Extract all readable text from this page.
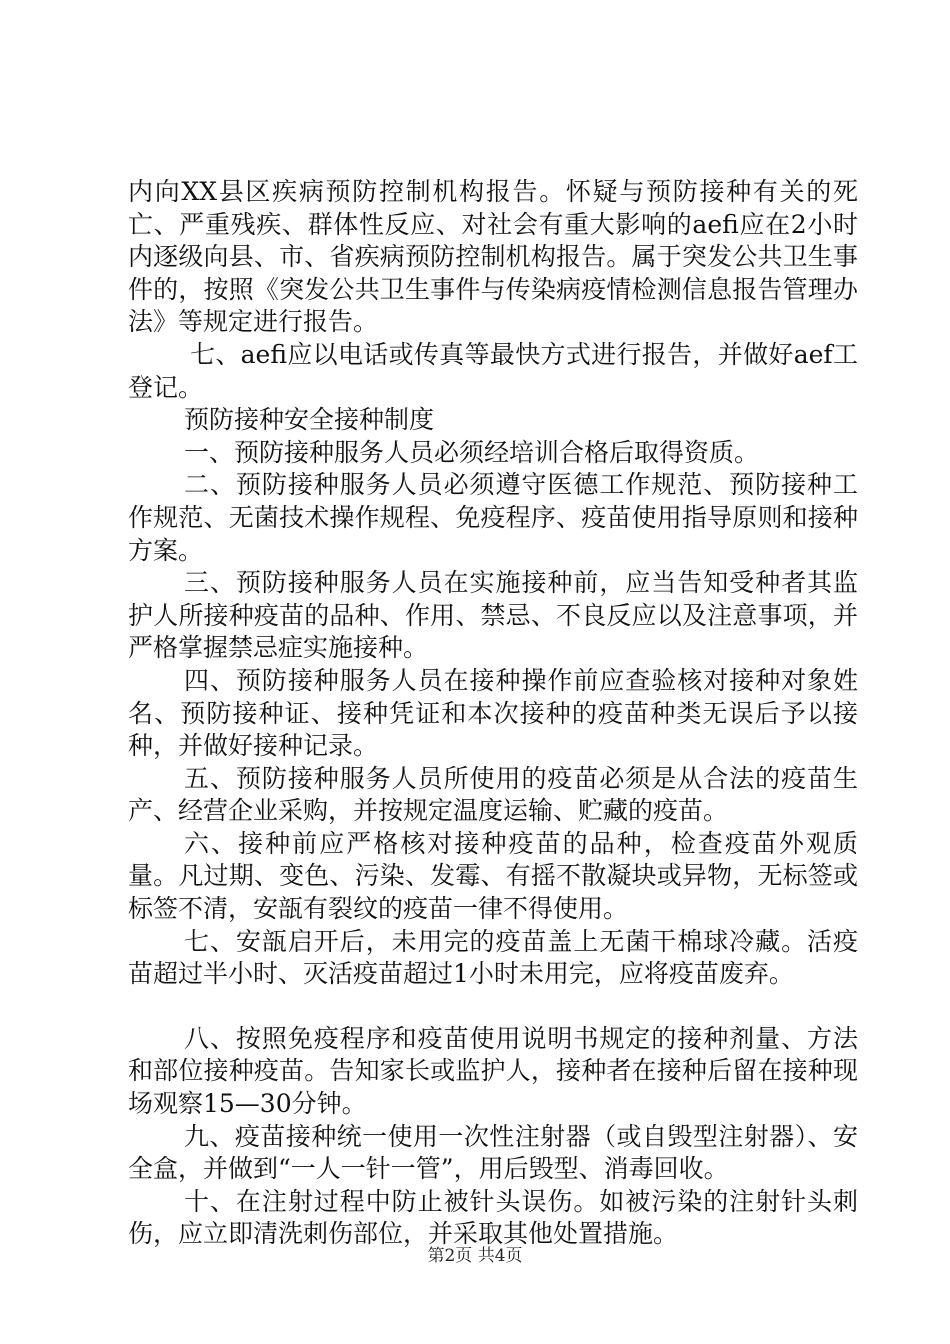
内向XX县区疾病预防控制机构报告。怀疑与预防接种有关的死亡、严重残疾、群体性反应、对社会有重大影响的aefi应在2小时内逐级向县、市、省疾病预防控制机构报告。属于突发公共卫生事件的，按照《突发公共卫生事件与传染病疫情检测信息报告管理办法》等规定进行报告。

七、aefi应以电话或传真等最快方式进行报告，并做好aef工登记。

预防接种安全接种制度

一、预防接种服务人员必须经培训合格后取得资质。

二、预防接种服务人员必须遵守医德工作规范、预防接种工作规范、无菌技术操作规程、免疫程序、疫苗使用指导原则和接种方案。

三、预防接种服务人员在实施接种前，应当告知受种者其监护人所接种疫苗的品种、作用、禁忌、不良反应以及注意事项，并严格掌握禁忌症实施接种。

四、预防接种服务人员在接种操作前应查验核对接种对象姓名、预防接种证、接种凭证和本次接种的疫苗种类无误后予以接种，并做好接种记录。

五、预防接种服务人员所使用的疫苗必须是从合法的疫苗生产、经营企业采购，并按规定温度运输、贮藏的疫苗。

六、接种前应严格核对接种疫苗的品种，检查疫苗外观质量。凡过期、变色、污染、发霉、有摇不散凝块或异物，无标签或标签不清，安瓿有裂纹的疫苗一律不得使用。

七、安瓿启开后，未用完的疫苗盖上无菌干棉球冷藏。活疫苗超过半小时、灭活疫苗超过1小时未用完，应将疫苗废弃。

八、按照免疫程序和疫苗使用说明书规定的接种剂量、方法和部位接种疫苗。告知家长或监护人，接种者在接种后留在接种现场观察15—30分钟。

九、疫苗接种统一使用一次性注射器（或自毁型注射器）、安全盒，并做到“一人一针一管”，用后毁型、消毒回收。

十、在注射过程中防止被针头误伤。如被污染的注射针头刺伤，应立即清洗刺伤部位，并采取其他处置措施。

第2页 共4页
